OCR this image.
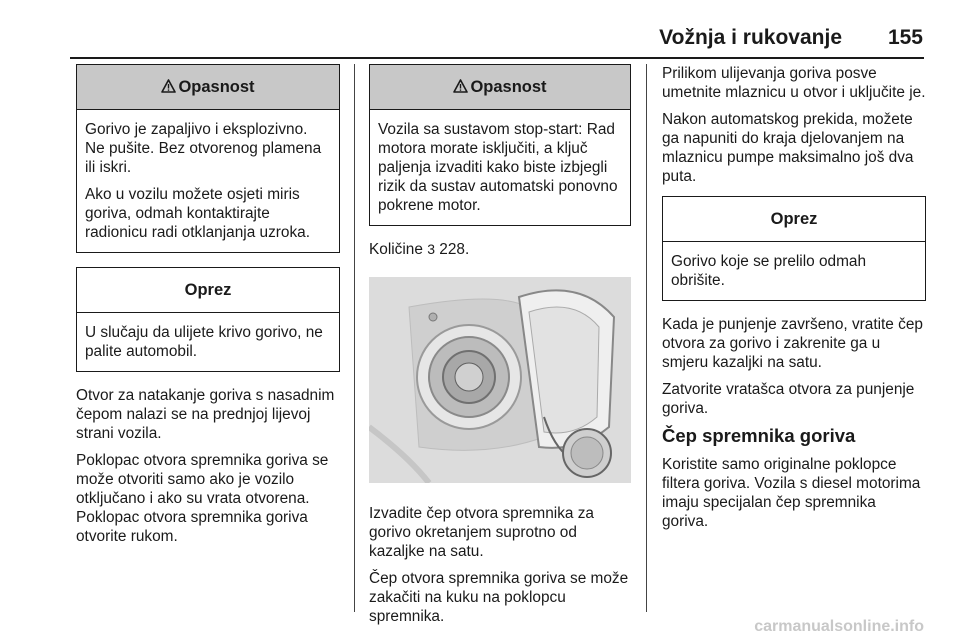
Vožnja i rukovanje 155
Opasnost

Gorivo je zapaljivo i eksplozivno. Ne pušite. Bez otvorenog plamena ili iskri.

Ako u vozilu možete osjeti miris goriva, odmah kontaktirajte radionicu radi otklanjanja uzroka.

Oprez

U slučaju da ulijete krivo gorivo, ne palite automobil.

Otvor za natakanje goriva s nasadnim čepom nalazi se na prednjoj lijevoj strani vozila.

Poklopac otvora spremnika goriva se može otvoriti samo ako je vozilo otključano i ako su vrata otvorena. Poklopac otvora spremnika goriva otvorite rukom.

Opasnost

Vozila sa sustavom stop-start: Rad motora morate isključiti, a ključ paljenja izvaditi kako biste izbjegli rizik da sustav automatski ponovno pokrene motor.

Količine 3 228.

Izvadite čep otvora spremnika za gorivo okretanjem suprotno od kazaljke na satu.

Čep otvora spremnika goriva se može zakačiti na kuku na poklopcu spremnika.

Prilikom ulijevanja goriva posve umetnite mlaznicu u otvor i uključite je.

Nakon automatskog prekida, možete ga napuniti do kraja djelovanjem na mlaznicu pumpe maksimalno još dva puta.

Oprez

Gorivo koje se prelilo odmah obrišite.

Kada je punjenje završeno, vratite čep otvora za gorivo i zakrenite ga u smjeru kazaljki na satu.

Zatvorite vratašca otvora za punjenje goriva.

Čep spremnika goriva

Koristite samo originalne poklopce filtera goriva. Vozila s diesel motorima imaju specijalan čep spremnika goriva.

carmanualsonline.info
